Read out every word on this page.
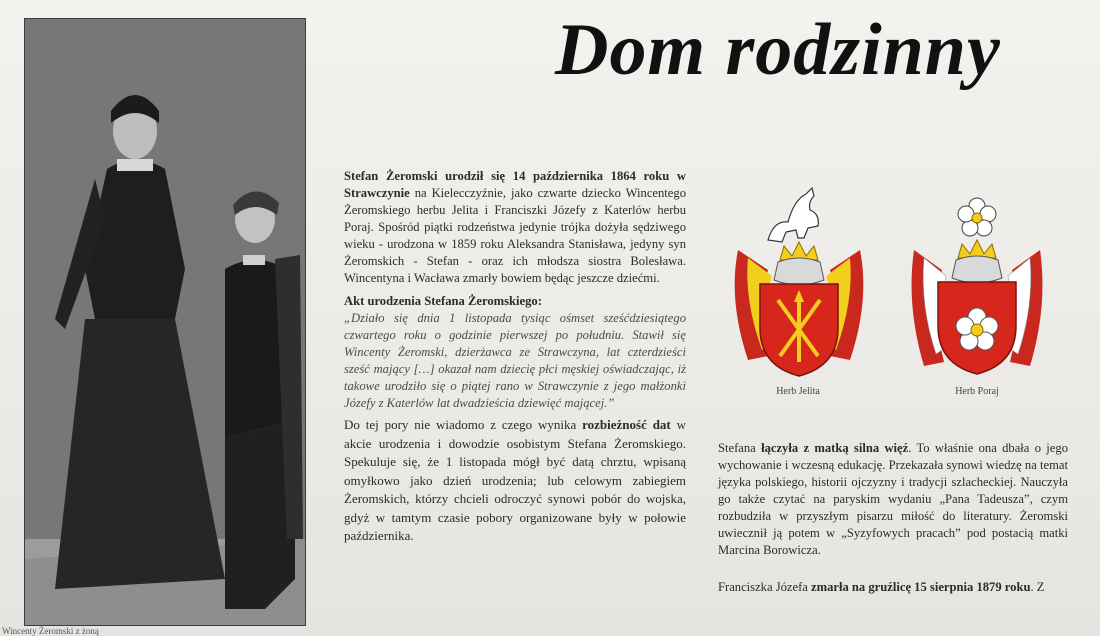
Wincenty Żeromski z żoną
Dom rodzinny

Stefan Żeromski urodził się 14 października 1864 roku w Strawczynie na Kielecczyźnie, jako czwarte dziecko Wincentego Żeromskiego herbu Jelita i Franciszki Józefy z Katerlów herbu Poraj. Spośród piątki rodzeństwa jedynie trójka dożyła sędziwego wieku - urodzona w 1859 roku Aleksandra Stanisława, jedyny syn Żeromskich - Stefan - oraz ich młodsza siostra Bolesława. Wincentyna i Wacława zmarły bowiem będąc jeszcze dziećmi.

Akt urodzenia Stefana Żeromskiego:

„Działo się dnia 1 listopada tysiąc ośmset sześćdziesiątego czwartego roku o godzinie pierwszej po południu. Stawił się Wincenty Żeromski, dzierżawca ze Strawczyna, lat czterdzieści sześć mający […] okazał nam dziecię płci męskiej oświadczając, iż takowe urodziło się o piątej rano w Strawczynie z jego małżonki Józefy z Katerlów lat dwadzieścia dziewięć mającej.”

Do tej pory nie wiadomo z czego wynika rozbieżność dat w akcie urodzenia i dowodzie osobistym Stefana Żeromskiego. Spekuluje się, że 1 listopada mógł być datą chrztu, wpisaną omyłkowo jako dzień urodzenia; lub celowym zabiegiem Żeromskich, którzy chcieli odroczyć synowi pobór do wojska, gdyż w tamtym czasie pobory organizowane były w połowie października.

Herb Jelita	Herb Poraj

Stefana łączyła z matką silna więź. To właśnie ona dbała o jego wychowanie i wczesną edukację. Przekazała synowi wiedzę na temat języka polskiego, historii ojczyzny i tradycji szlacheckiej. Nauczyła go także czytać na paryskim wydaniu „Pana Tadeusza”, czym rozbudziła w przyszłym pisarzu miłość do literatury. Żeromski uwiecznił ją potem w „Syzyfowych pracach” pod postacią matki Marcina Borowicza.

Franciszka Józefa zmarła na gruźlicę 15 sierpnia 1879 roku. Z
